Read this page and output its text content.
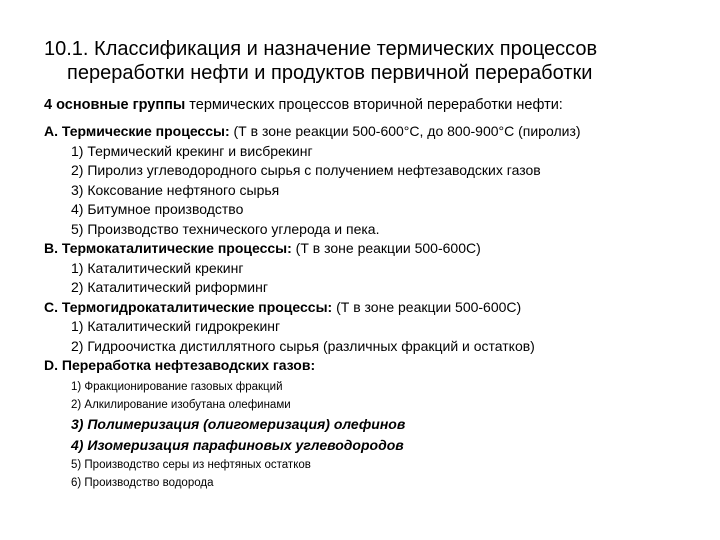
10.1. Классификация и назначение термических процессов
переработки нефти и продуктов первичной переработки
4 основные группы термических процессов вторичной переработки нефти:
А. Термические процессы: (Т в зоне реакции 500-600°С, до 800-900°С (пиролиз)
1) Термический крекинг и висбрекинг
2) Пиролиз углеводородного сырья с получением нефтезаводских газов
3) Коксование нефтяного сырья
4) Битумное производство
5) Производство технического углерода и пека.
В. Термокаталитические процессы: (Т в зоне реакции 500-600С)
1) Каталитический крекинг
2) Каталитический риформинг
С. Термогидрокаталитические процессы: (Т в зоне реакции 500-600С)
1) Каталитический гидрокрекинг
2) Гидроочистка дистиллятного сырья (различных фракций и остатков)
D. Переработка нефтезаводских газов:
1) Фракционирование газовых фракций
2) Алкилирование изобутана олефинами
3) Полимеризация (олигомеризация) олефинов
4) Изомеризация парафиновых углеводородов
5) Производство серы из нефтяных остатков
6) Производство водорода
